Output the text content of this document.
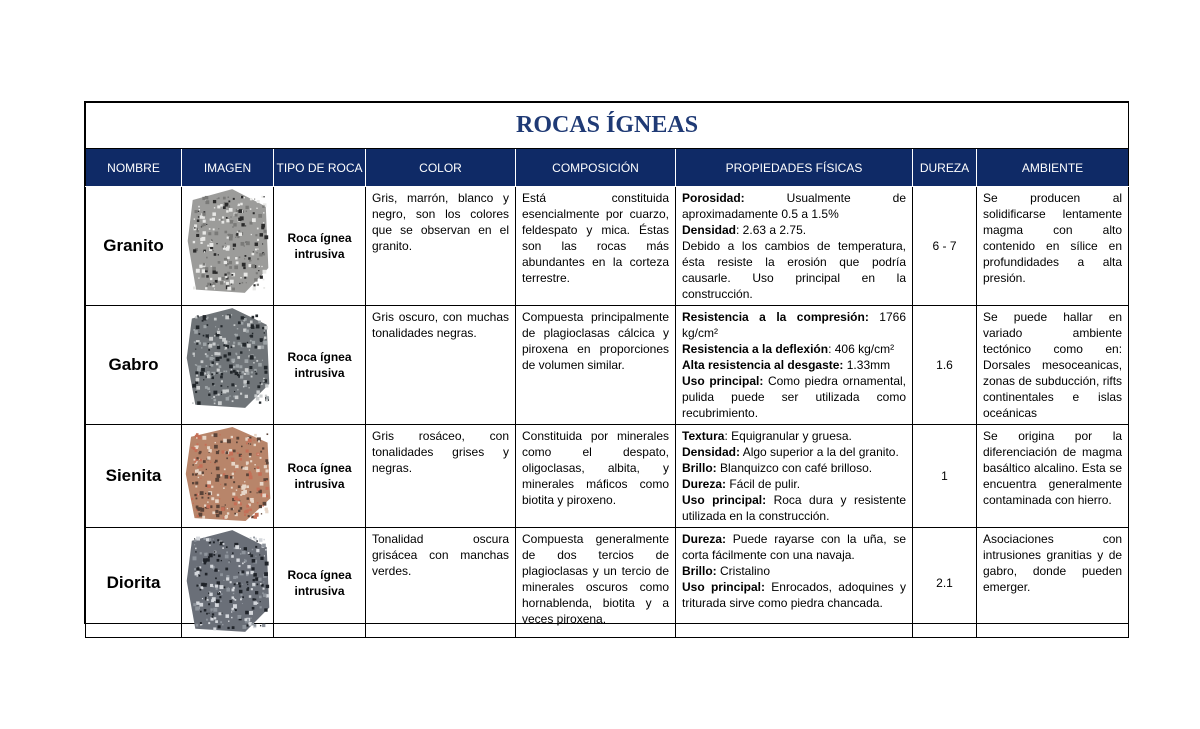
ROCAS ÍGNEAS							
NOMBRE	IMAGEN	TIPO DE ROCA	COLOR	COMPOSICIÓN	PROPIEDADES FÍSICAS	DUREZA	AMBIENTE
Granito		Roca ígnea intrusiva	Gris, marrón, blanco y negro, son los colores que se observan en el granito.	Está constituida esencialmente por cuarzo, feldespato y mica. Éstas son las rocas más abundantes en la corteza terrestre.	Porosidad: Usualmente de aproximadamente 0.5 a 1.5%
Densidad: 2.63 a 2.75.
Debido a los cambios de temperatura, ésta resiste la erosión que podría causarle. Uso principal en la construcción.	6 - 7	Se producen al solidificarse lentamente magma con alto contenido en sílice en profundidades a alta presión.
Gabro		Roca ígnea intrusiva	Gris oscuro, con muchas tonalidades negras.	Compuesta principalmente de plagioclasas cálcica y piroxena en proporciones de volumen similar.	Resistencia a la compresión: 1766 kg/cm²
Resistencia a la deflexión: 406 kg/cm²
Alta resistencia al desgaste: 1.33mm
Uso principal: Como piedra ornamental, pulida puede ser utilizada como recubrimiento.	1.6	Se puede hallar en variado ambiente tectónico como en: Dorsales mesoceanicas, zonas de subducción, rifts continentales e islas oceánicas
Sienita		Roca ígnea intrusiva	Gris rosáceo, con tonalidades grises y negras.	Constituida por minerales como el despato, oligoclasas, albita, y minerales máficos como biotita y piroxeno.	Textura: Equigranular y gruesa.
Densidad: Algo superior a la del granito.
Brillo: Blanquizco con café brilloso.
Dureza: Fácil de pulir.
Uso principal: Roca dura y resistente utilizada en la construcción.	1	Se origina por la diferenciación de magma basáltico alcalino. Esta se encuentra generalmente contaminada con hierro.
Diorita		Roca ígnea intrusiva	Tonalidad oscura grisácea con manchas verdes.	Compuesta generalmente de dos tercios de plagioclasas y un tercio de minerales oscuros como hornablenda, biotita y a veces piroxena.	Dureza: Puede rayarse con la uña, se corta fácilmente con una navaja.
Brillo: Cristalino
Uso principal: Enrocados, adoquines y triturada sirve como piedra chancada.	2.1	Asociaciones con intrusiones granitias y de gabro, donde pueden emerger.
